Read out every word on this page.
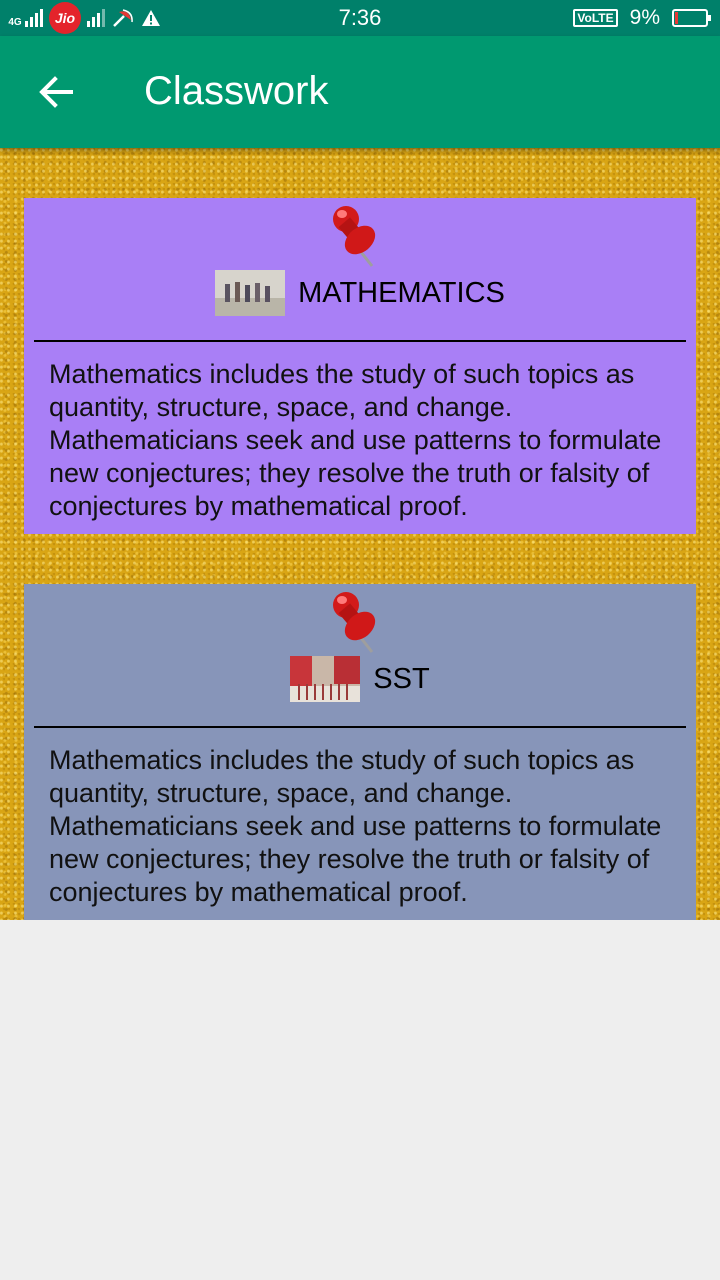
4G	Jio	7:36	VoLTE 9%
Classwork
MATHEMATICS

Mathematics includes the study of such topics as quantity, structure, space, and change. Mathematicians seek and use patterns to formulate new conjectures; they resolve the truth or falsity of conjectures by mathematical proof.

SST

Mathematics includes the study of such topics as quantity, structure, space, and change. Mathematicians seek and use patterns to formulate new conjectures; they resolve the truth or falsity of conjectures by mathematical proof.
